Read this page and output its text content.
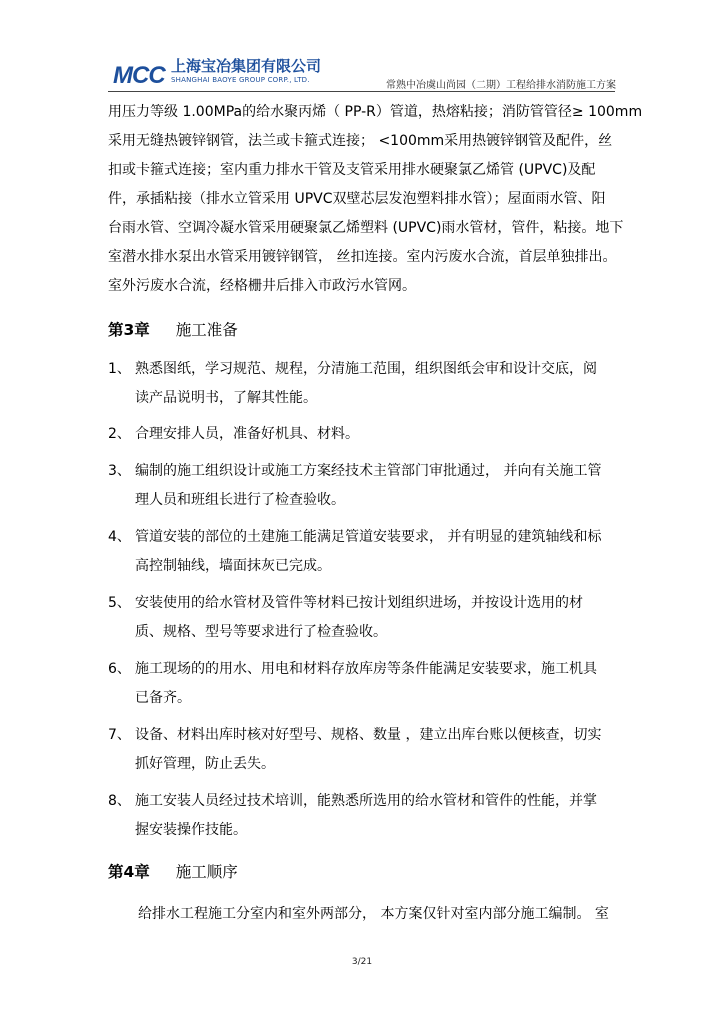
MCC 上海宝冶集团有限公司
SHANGHAI BAOYE GROUP CORP., LTD.	常熟中冶虞山尚园（二期）工程给排水消防施工方案
用压力等级 1.00MPa的给水聚丙烯（ PP-R）管道，热熔粘接；消防管管径≥ 100mm
采用无缝热镀锌钢管，法兰或卡箍式连接； <100mm采用热镀锌钢管及配件，丝
扣或卡箍式连接；室内重力排水干管及支管采用排水硬聚氯乙烯管 (UPVC)及配
件，承插粘接（排水立管采用 UPVC双壁芯层发泡塑料排水管）；屋面雨水管、阳
台雨水管、空调冷凝水管采用硬聚氯乙烯塑料 (UPVC)雨水管材，管件，粘接。地下
室潜水排水泵出水管采用镀锌钢管， 丝扣连接。室内污废水合流，首层单独排出。
室外污废水合流，经格栅井后排入市政污水管网。
第3章 施工准备
1、 熟悉图纸，学习规范、规程，分清施工范围，组织图纸会审和设计交底，阅
读产品说明书，了解其性能。
2、 合理安排人员，准备好机具、材料。
3、 编制的施工组织设计或施工方案经技术主管部门审批通过， 并向有关施工管
理人员和班组长进行了检查验收。
4、 管道安装的部位的土建施工能满足管道安装要求， 并有明显的建筑轴线和标
高控制轴线，墙面抹灰已完成。
5、 安装使用的给水管材及管件等材料已按计划组织进场，并按设计选用的材
质、规格、型号等要求进行了检查验收。
6、 施工现场的的用水、用电和材料存放库房等条件能满足安装要求，施工机具
已备齐。
7、 设备、材料出库时核对好型号、规格、数量 ，建立出库台账以便核查，切实
抓好管理，防止丢失。
8、 施工安装人员经过技术培训，能熟悉所选用的给水管材和管件的性能，并掌
握安装操作技能。
第4章 施工顺序
给排水工程施工分室内和室外两部分， 本方案仅针对室内部分施工编制。 室
3/21
